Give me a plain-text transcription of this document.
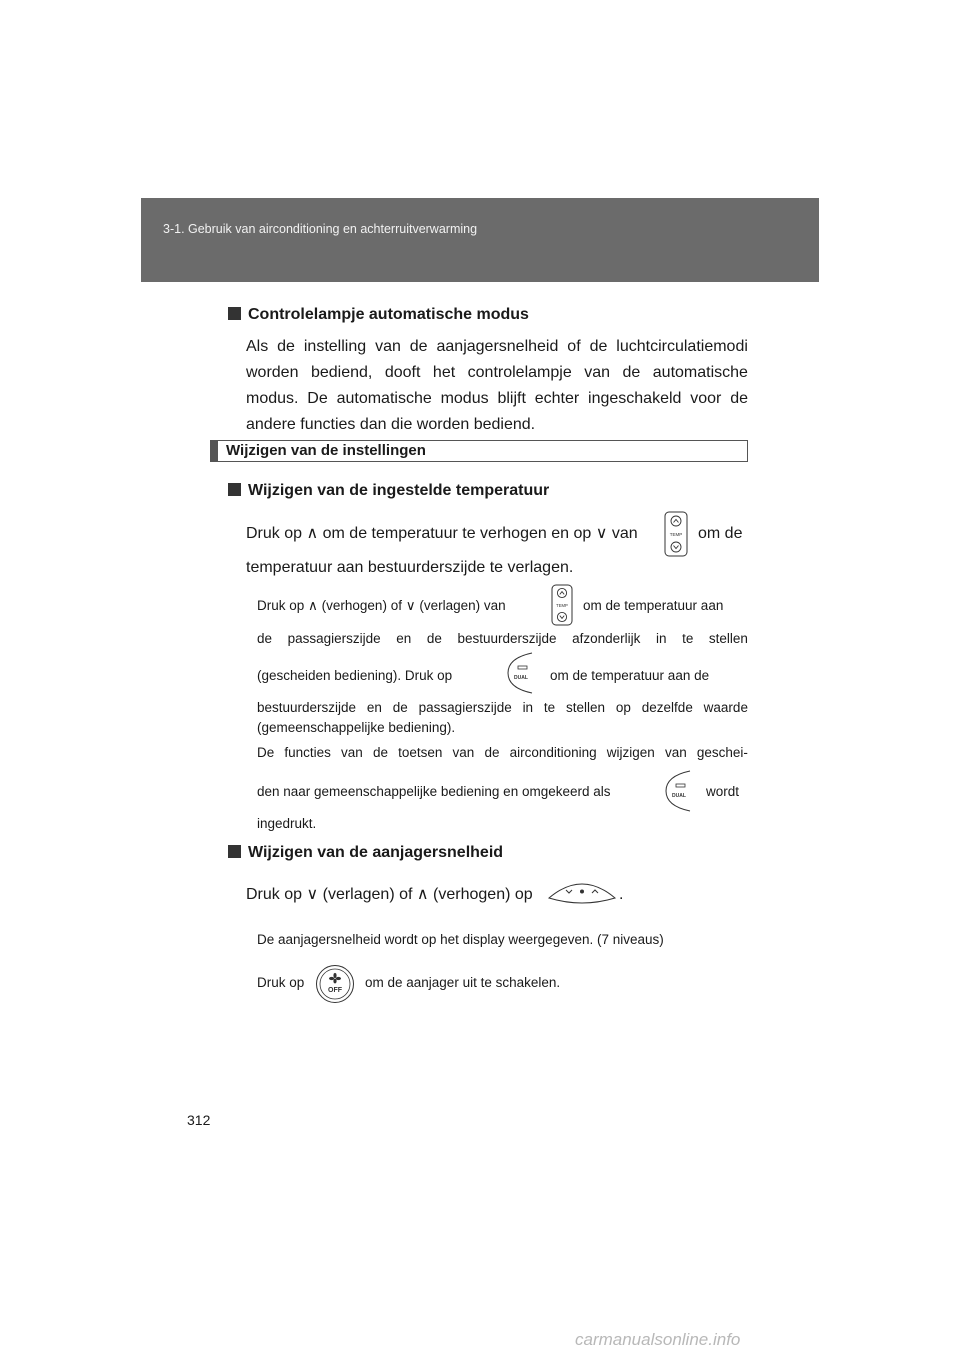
3-1. Gebruik van airconditioning en achterruitverwarming
Controlelampje automatische modus
Als de instelling van de aanjagersnelheid of de luchtcirculatiemodi
worden bediend, dooft het controlelampje van de automatische
modus. De automatische modus blijft echter ingeschakeld voor de
andere functies dan die worden bediend.
Wijzigen van de instellingen
Wijzigen van de ingestelde temperatuur
Druk op ∧ om de temperatuur te verhogen en op ∨ van	TEMP om de
temperatuur aan bestuurderszijde te verlagen.
Druk op ∧ (verhogen) of ∨ (verlagen) van	TEMP om de temperatuur aan
de passagierszijde en de bestuurderszijde afzonderlijk in te stellen
(gescheiden bediening). Druk op	DUAL om de temperatuur aan de
bestuurderszijde en de passagierszijde in te stellen op dezelfde waarde
(gemeenschappelijke bediening).
De functies van de toetsen van de airconditioning wijzigen van geschei-
den naar gemeenschappelijke bediening en omgekeerd als	DUAL wordt
ingedrukt.
Wijzigen van de aanjagersnelheid
Druk op ∨ (verlagen) of ∧ (verhogen) op	.
De aanjagersnelheid wordt op het display weergegeven. (7 niveaus)
Druk op
OFF
om de aanjager uit te schakelen.
312
carmanualsonline.info
